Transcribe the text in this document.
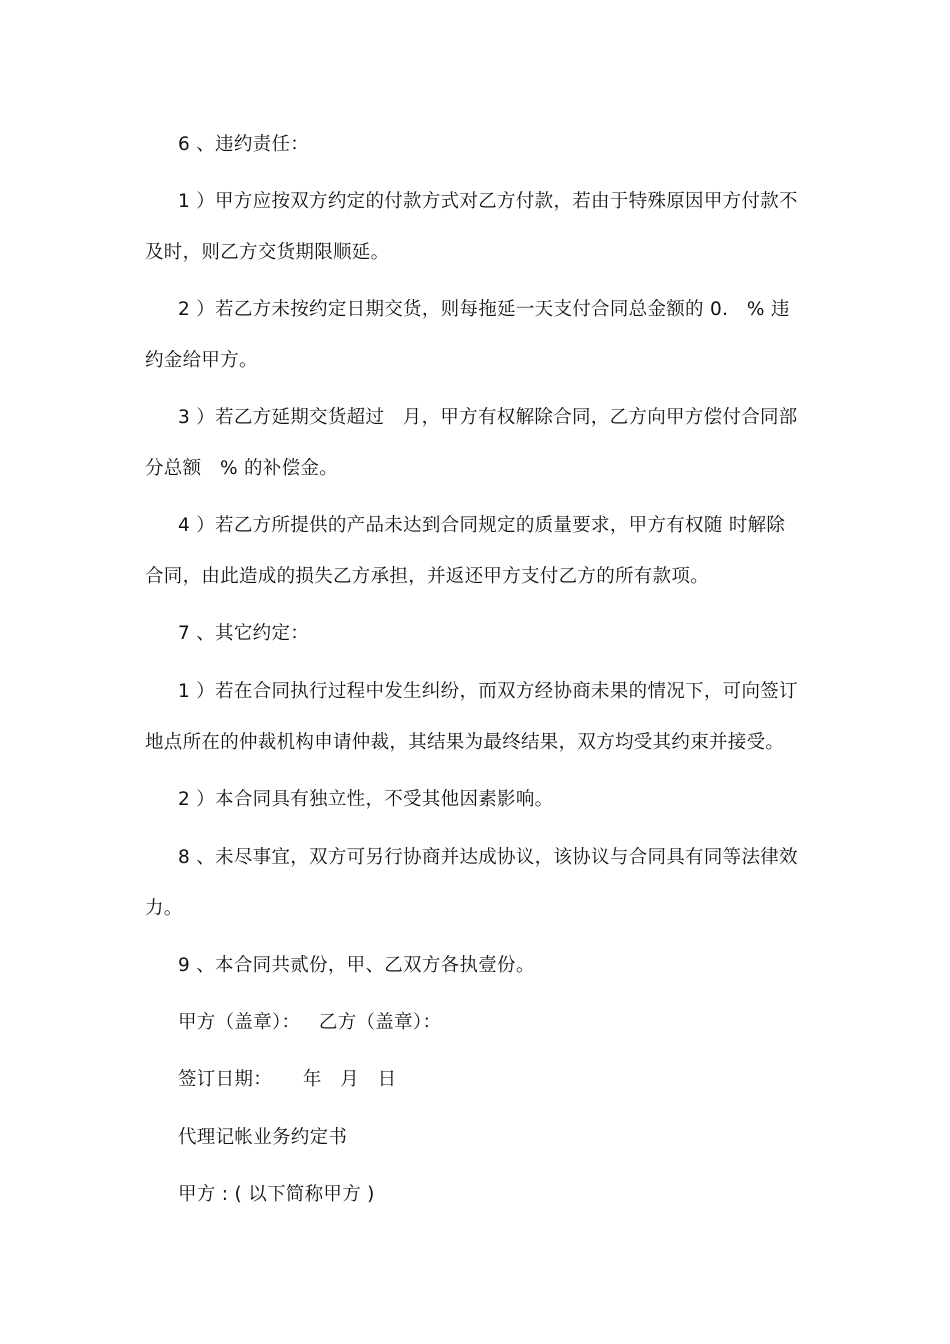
6 、违约责任：
1 ）甲方应按双方约定的付款方式对乙方付款，若由于特殊原因甲方付款不
及时，则乙方交货期限顺延。
2 ）若乙方未按约定日期交货，则每拖延一天支付合同总金额的 0.   % 违
约金给甲方。
3 ）若乙方延期交货超过   月，甲方有权解除合同，乙方向甲方偿付合同部
分总额   % 的补偿金。
4 ）若乙方所提供的产品未达到合同规定的质量要求，甲方有权随 时解除
合同，由此造成的损失乙方承担，并返还甲方支付乙方的所有款项。
7 、其它约定：
1 ）若在合同执行过程中发生纠纷，而双方经协商未果的情况下，可向签订
地点所在的仲裁机构申请仲裁，其结果为最终结果，双方均受其约束并接受。
2 ）本合同具有独立性，不受其他因素影响。
8 、未尽事宜，双方可另行协商并达成协议，该协议与合同具有同等法律效
力。
9 、本合同共贰份，甲、乙双方各执壹份。
甲方（盖章）：   乙方（盖章）：
签订日期：     年   月   日
代理记帐业务约定书
甲方 : ( 以下简称甲方 )
